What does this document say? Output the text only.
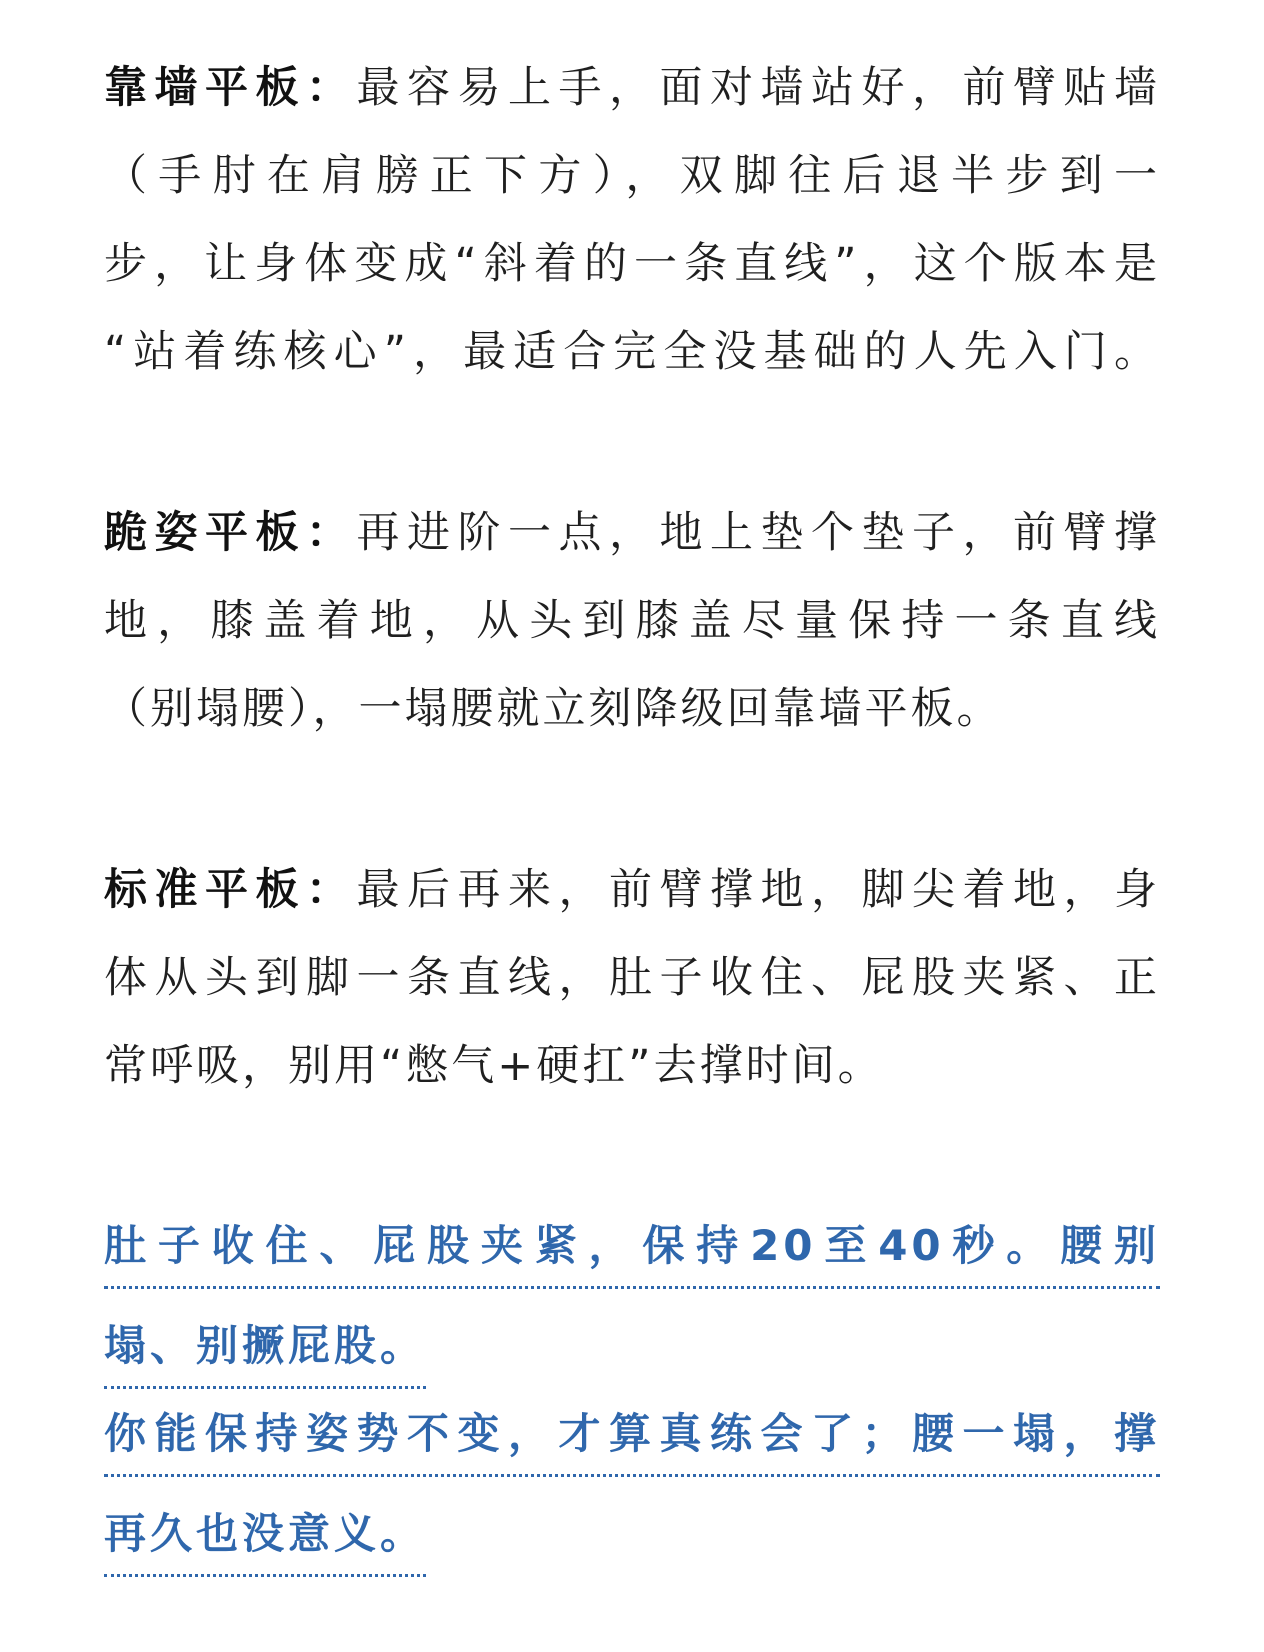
靠墙平板：最容易上手，面对墙站好，前臂贴墙
（手肘在肩膀正下方），双脚往后退半步到一
步，让身体变成“斜着的一条直线”，这个版本是
“站着练核心”，最适合完全没基础的人先入门。
跪姿平板：再进阶一点，地上垫个垫子，前臂撑
地，膝盖着地，从头到膝盖尽量保持一条直线
（别塌腰），一塌腰就立刻降级回靠墙平板。
标准平板：最后再来，前臂撑地，脚尖着地，身
体从头到脚一条直线，肚子收住、屁股夹紧、正
常呼吸，别用“憋气+硬扛”去撑时间。
肚子收住、屁股夹紧，保持20至40秒。腰别
塌、别撅屁股。
你能保持姿势不变，才算真练会了；腰一塌，撑
再久也没意义。
